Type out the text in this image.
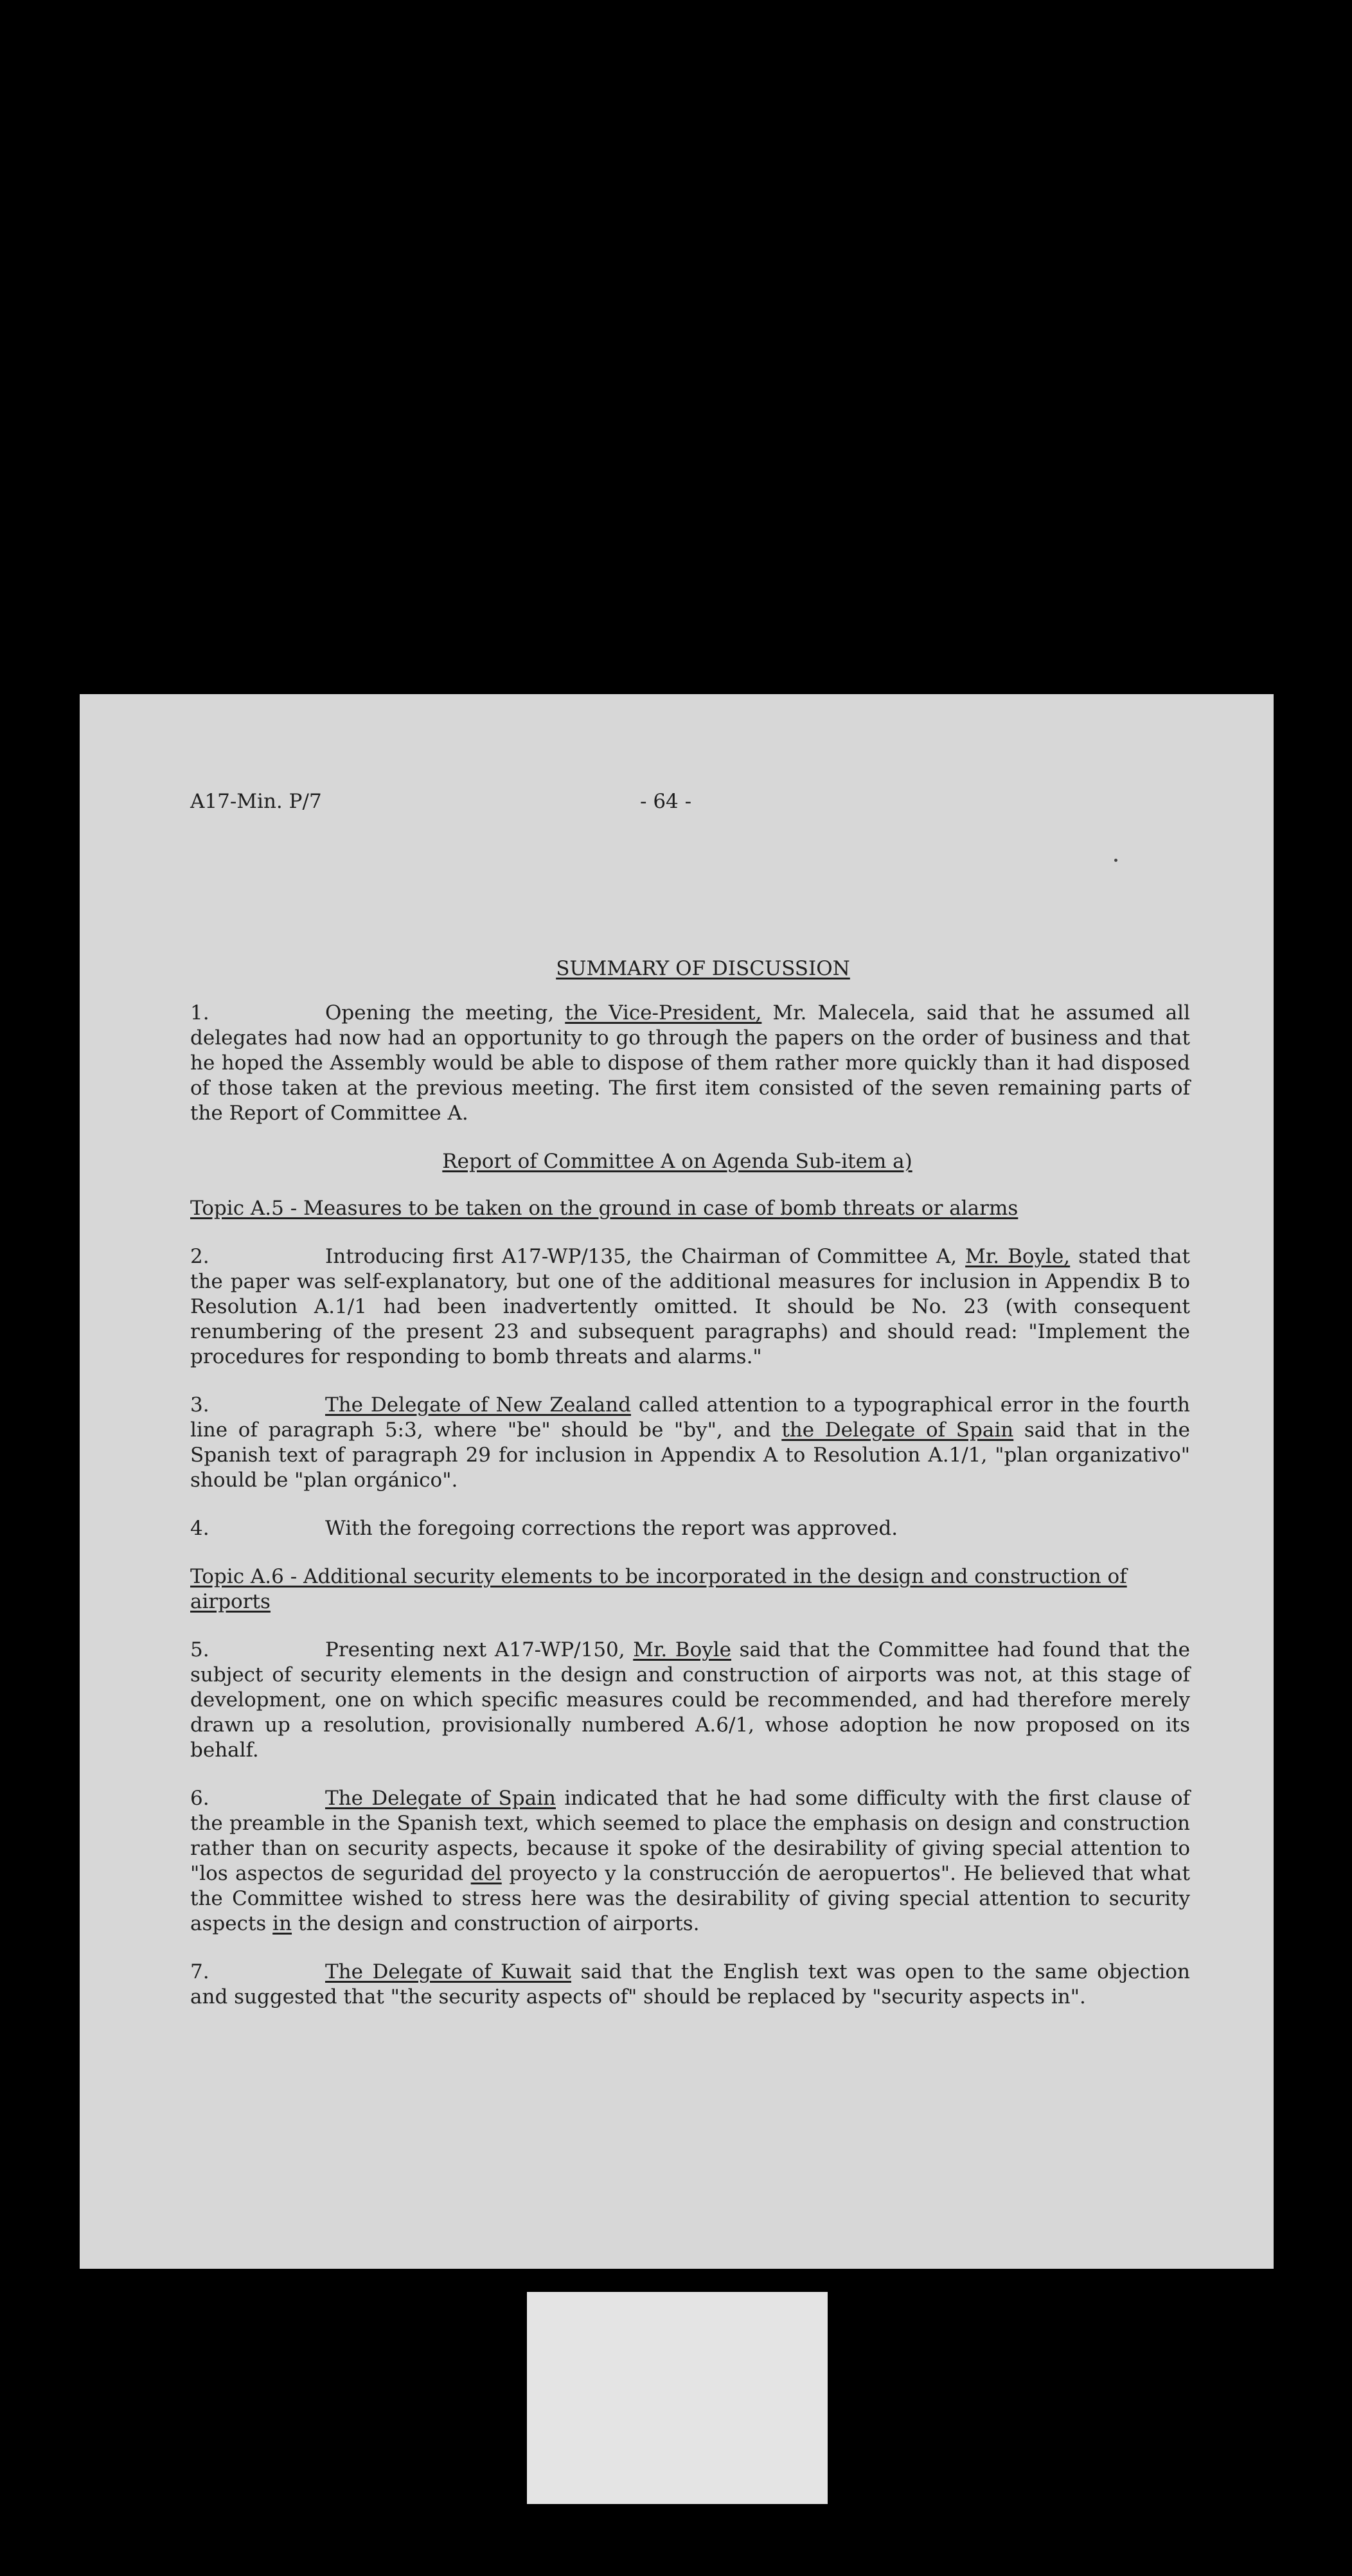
A17-Min. P/7	- 64 -

SUMMARY OF DISCUSSION

1.	Opening the meeting, the Vice-President, Mr. Malecela, said that he assumed all delegates had now had an opportunity to go through the papers on the order of business and that he hoped the Assembly would be able to dispose of them rather more quickly than it had disposed of those taken at the previous meeting. The first item consisted of the seven remaining parts of the Report of Committee A.

Report of Committee A on Agenda Sub-item a)

Topic A.5 - Measures to be taken on the ground in case of bomb threats or alarms

2.	Introducing first A17-WP/135, the Chairman of Committee A, Mr. Boyle, stated that the paper was self-explanatory, but one of the additional measures for inclusion in Appendix B to Resolution A.1/1 had been inadvertently omitted. It should be No. 23 (with consequent renumbering of the present 23 and subsequent paragraphs) and should read: "Implement the procedures for responding to bomb threats and alarms."

3.	The Delegate of New Zealand called attention to a typographical error in the fourth line of paragraph 5:3, where "be" should be "by", and the Delegate of Spain said that in the Spanish text of paragraph 29 for inclusion in Appendix A to Resolution A.1/1, "plan organizativo" should be "plan orgánico".

4.	With the foregoing corrections the report was approved.

Topic A.6 - Additional security elements to be incorporated in the design and construction of airports

5.	Presenting next A17-WP/150, Mr. Boyle said that the Committee had found that the subject of security elements in the design and construction of airports was not, at this stage of development, one on which specific measures could be recommended, and had therefore merely drawn up a resolution, provisionally numbered A.6/1, whose adoption he now proposed on its behalf.

6.	The Delegate of Spain indicated that he had some difficulty with the first clause of the preamble in the Spanish text, which seemed to place the emphasis on design and construction rather than on security aspects, because it spoke of the desirability of giving special attention to "los aspectos de seguridad del proyecto y la construcción de aeropuertos". He believed that what the Committee wished to stress here was the desirability of giving special attention to security aspects in the design and construction of airports.

7.	The Delegate of Kuwait said that the English text was open to the same objection and suggested that "the security aspects of" should be replaced by "security aspects in".
